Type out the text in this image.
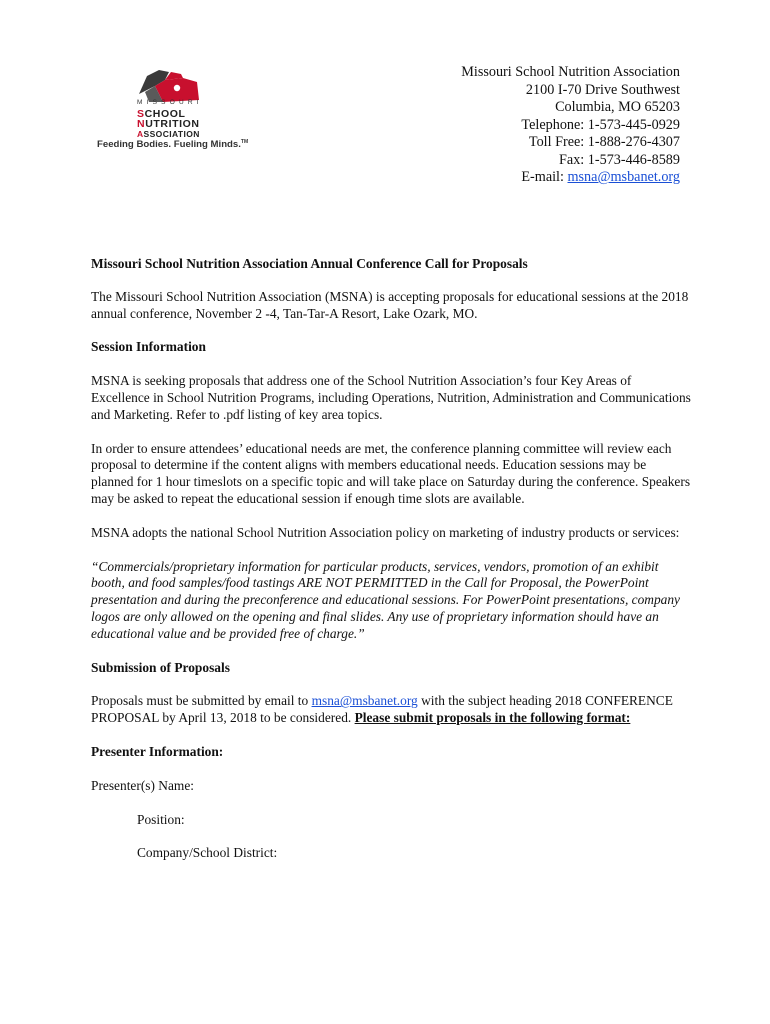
MISSOURI
SCHOOL
NUTRITION
ASSOCIATION
Feeding Bodies. Fueling Minds.™
Missouri School Nutrition Association
2100 I-70 Drive Southwest
Columbia, MO 65203
Telephone: 1-573-445-0929
Toll Free: 1-888-276-4307
Fax: 1-573-446-8589
E-mail: msna@msbanet.org

Missouri School Nutrition Association Annual Conference Call for Proposals

The Missouri School Nutrition Association (MSNA) is accepting proposals for educational sessions at the 2018 annual conference, November 2 -4, Tan-Tar-A Resort, Lake Ozark, MO.

Session Information

MSNA is seeking proposals that address one of the School Nutrition Association’s four Key Areas of Excellence in School Nutrition Programs, including Operations, Nutrition, Administration and Communications and Marketing. Refer to .pdf listing of key area topics.

In order to ensure attendees’ educational needs are met, the conference planning committee will review each proposal to determine if the content aligns with members educational needs. Education sessions may be planned for 1 hour timeslots on a specific topic and will take place on Saturday during the conference. Speakers may be asked to repeat the educational session if enough time slots are available.

MSNA adopts the national School Nutrition Association policy on marketing of industry products or services:

“Commercials/proprietary information for particular products, services, vendors, promotion of an exhibit booth, and food samples/food tastings ARE NOT PERMITTED in the Call for Proposal, the PowerPoint presentation and during the preconference and educational sessions. For PowerPoint presentations, company logos are only allowed on the opening and final slides. Any use of proprietary information should have an educational value and be provided free of charge.”

Submission of Proposals

Proposals must be submitted by email to msna@msbanet.org with the subject heading 2018 CONFERENCE PROPOSAL by April 13, 2018 to be considered. Please submit proposals in the following format:

Presenter Information:

Presenter(s) Name:

Position:

Company/School District:
